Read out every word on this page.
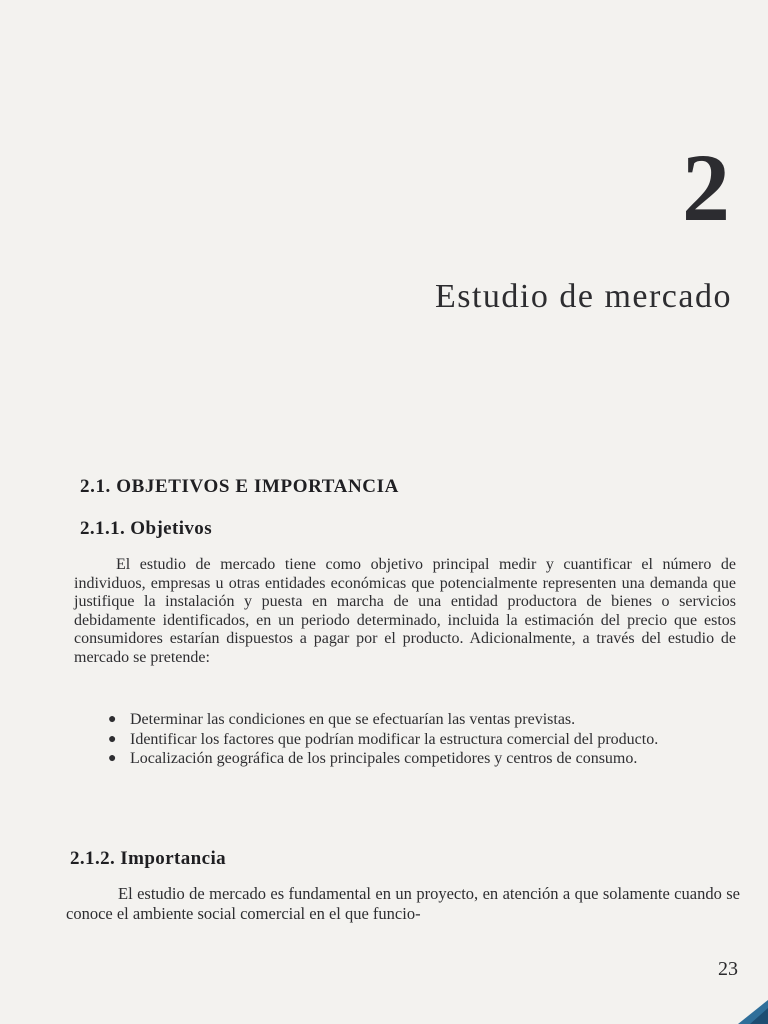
2
Estudio de mercado
2.1. OBJETIVOS E IMPORTANCIA
2.1.1. Objetivos

El estudio de mercado tiene como objetivo principal medir y cuantificar el número de individuos, empresas u otras entidades económicas que potencialmente representen una demanda que justifique la instalación y puesta en marcha de una entidad productora de bienes o servicios debidamente identificados, en un periodo determinado, incluida la estimación del precio que estos consumidores estarían dispuestos a pagar por el producto. Adicionalmente, a través del estudio de mercado se pretende:

● Determinar las condiciones en que se efectuarían las ventas previstas.
● Identificar los factores que podrían modificar la estructura comercial del producto.
● Localización geográfica de los principales competidores y centros de consumo.
2.1.2. Importancia

El estudio de mercado es fundamental en un proyecto, en atención a que solamente cuando se conoce el ambiente social comercial en el que funcio-

23
